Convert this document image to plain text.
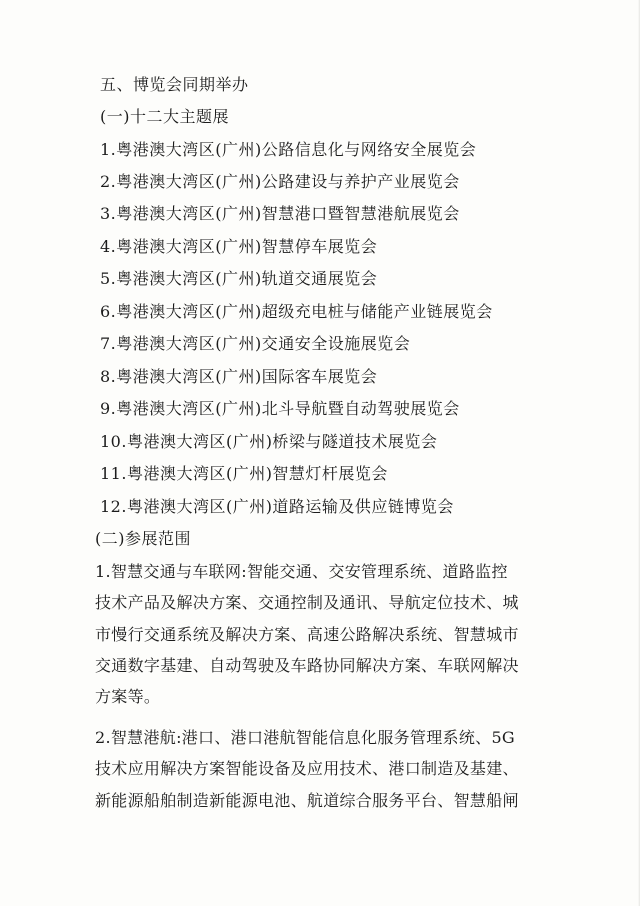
五、博览会同期举办
(一)十二大主题展
1.粤港澳大湾区(广州)公路信息化与网络安全展览会
2.粤港澳大湾区(广州)公路建设与养护产业展览会
3.粤港澳大湾区(广州)智慧港口暨智慧港航展览会
4.粤港澳大湾区(广州)智慧停车展览会
5.粤港澳大湾区(广州)轨道交通展览会
6.粤港澳大湾区(广州)超级充电桩与储能产业链展览会
7.粤港澳大湾区(广州)交通安全设施展览会
8.粤港澳大湾区(广州)国际客车展览会
9.粤港澳大湾区(广州)北斗导航暨自动驾驶展览会
10.粤港澳大湾区(广州)桥梁与隧道技术展览会
11.粤港澳大湾区(广州)智慧灯杆展览会
12.粤港澳大湾区(广州)道路运输及供应链博览会
(二)参展范围
1.智慧交通与车联网:智能交通、交安管理系统、道路监控
技术产品及解决方案、交通控制及通讯、导航定位技术、城
市慢行交通系统及解决方案、高速公路解决系统、智慧城市
交通数字基建、自动驾驶及车路协同解决方案、车联网解决
方案等。
2.智慧港航:港口、港口港航智能信息化服务管理系统、5G
技术应用解决方案智能设备及应用技术、港口制造及基建、
新能源船舶制造新能源电池、航道综合服务平台、智慧船闸
